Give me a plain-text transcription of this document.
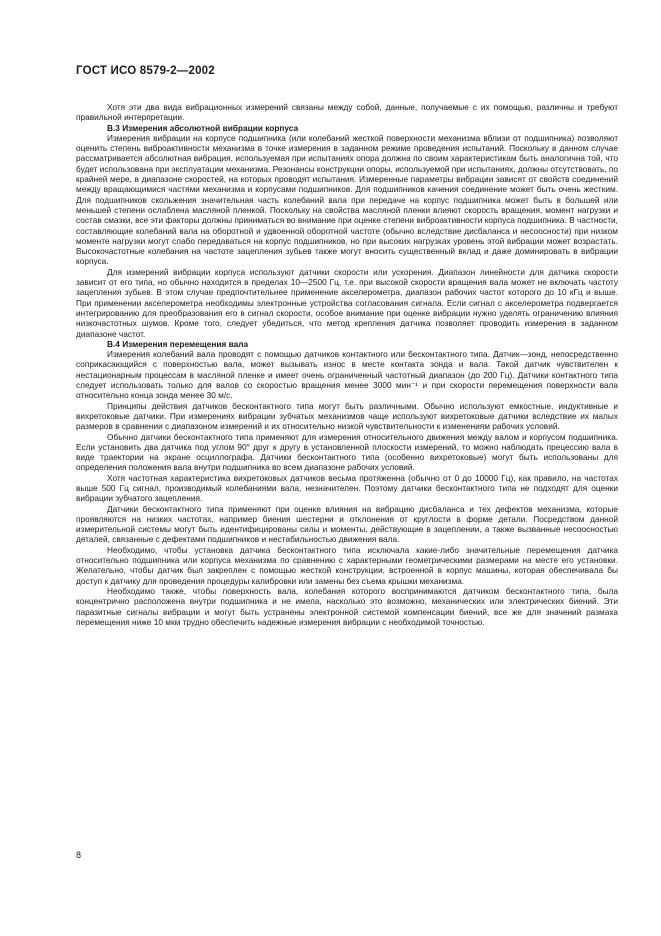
ГОСТ ИСО 8579-2—2002

Хотя эти два вида вибрационных измерений связаны между собой, данные, получаемые с их помощью, различны и требуют правильной интерпретации.

В.3 Измерения абсолютной вибрации корпуса

Измерения вибрации на корпусе подшипника (или колебаний жесткой поверхности механизма вблизи от подшипника) позволяют оценить степень виброактивности механизма в точке измерения в заданном режиме проведения испытаний. Поскольку в данном случае рассматривается абсолютная вибрация, используемая при испытаниях опора должна по своим характеристикам быть аналогична той, что будет использована при эксплуатации механизма. Резонансы конструкции опоры, используемой при испытаниях, должны отсутствовать, по крайней мере, в диапазоне скоростей, на которых проводят испытания. Измеренные параметры вибрации зависят от свойств соединений между вращающимися частями механизма и корпусами подшипников. Для подшипников качения соединение может быть очень жестким. Для подшипников скольжения значительная часть колебаний вала при передаче на корпус подшипника может быть в большей или меньшей степени ослаблена масляной пленкой. Поскольку на свойства масляной пленки влияют скорость вращения, момент нагрузки и состав смазки, все эти факторы должны приниматься во внимание при оценке степени виброактивности корпуса подшипника. В частности, составляющие колебаний вала на оборотной и удвоенной оборотной частоте (обычно вследствие дисбаланса и несоосности) при низком моменте нагрузки могут слабо передаваться на корпус подшипников, но при высоких нагрузках уровень этой вибрации может возрастать. Высокочастотные колебания на частоте зацепления зубьев также могут вносить существенный вклад и даже доминировать в вибрации корпуса.

Для измерений вибрации корпуса используют датчики скорости или ускорения. Диапазон линейности для датчика скорости зависит от его типа, но обычно находится в пределах 10—2500 Гц, т.е. при высокой скорости вращения вала может не включать частоту зацепления зубьев. В этом случае предпочтительнее применение акселерометра, диапазон рабочих частот которого до 10 кГц и выше. При применении акселерометра необходимы электронные устройства согласования сигнала. Если сигнал с акселерометра подвергается интегрированию для преобразования его в сигнал скорости, особое внимание при оценке вибрации нужно уделять ограничению влияния низкочастотных шумов. Кроме того, следует убедиться, что метод крепления датчика позволяет проводить измерения в заданном диапазоне частот.

В.4 Измерения перемещения вала

Измерения колебаний вала проводят с помощью датчиков контактного или бесконтактного типа. Датчик—зонд, непосредственно соприкасающийся с поверхностью вала, может вызывать износ в месте контакта зонда и вала. Такой датчик чувствителен к нестационарным процессам в масляной пленке и имеет очень ограниченный частотный диапазон (до 200 Гц). Датчики контактного типа следует использовать только для валов со скоростью вращения менее 3000 мин⁻¹ и при скорости перемещения поверхности вала относительно конца зонда менее 30 м/с.

Принципы действия датчиков бесконтактного типа могут быть различными. Обычно используют емкостные, индуктивные и вихретоковые датчики. При измерениях вибрации зубчатых механизмов чаще используют вихретоковые датчики вследствие их малых размеров в сравнении с диапазоном измерений и их относительно низкой чувствительности к изменениям рабочих условий.

Обычно датчики бесконтактного типа применяют для измерения относительного движения между валом и корпусом подшипника. Если установить два датчика под углом 90° друг к другу в установленной плоскости измерений, то можно наблюдать прецессию вала в виде траектории на экране осциллографа. Датчики бесконтактного типа (особенно вихретоковые) могут быть использованы для определения положения вала внутри подшипника во всем диапазоне рабочих условий.

Хотя частотная характеристика вихретоковых датчиков весьма протяженна (обычно от 0 до 10000 Гц), как правило, на частотах выше 500 Гц сигнал, производимый колебаниями вала, незначителен. Поэтому датчики бесконтактного типа не подходят для оценки вибрации зубчатого зацепления.

Датчики бесконтактного типа применяют при оценке влияния на вибрацию дисбаланса и тех дефектов механизма, которые проявляются на низких частотах, например биения шестерни и отклонения от круглости в форме детали. Посредством данной измерительной системы могут быть идентифицированы силы и моменты, действующие в зацеплении, а также вызванные несоосностью деталей, связанные с дефектами подшипников и нестабильностью движения вала.

Необходимо, чтобы установка датчика бесконтактного типа исключала какие-либо значительные перемещения датчика относительно подшипника или корпуса механизма по сравнению с характерными геометрическими размерами на месте его установки. Желательно, чтобы датчик был закреплен с помощью жесткой конструкции, встроенной в корпус машины, которая обеспечивала бы доступ к датчику для проведения процедуры калибровки или замены без съема крышки механизма.

Необходимо также, чтобы поверхность вала, колебания которого воспринимаются датчиком бесконтактного типа, была концентрично расположена внутри подшипника и не имела, насколько это возможно, механических или электрических биений. Эти паразитные сигналы вибрации и могут быть устранены электронной системой компенсации биений, все же для значений размаха перемещения ниже 10 мкм трудно обеспечить надежные измерения вибрации с необходимой точностью.

8
